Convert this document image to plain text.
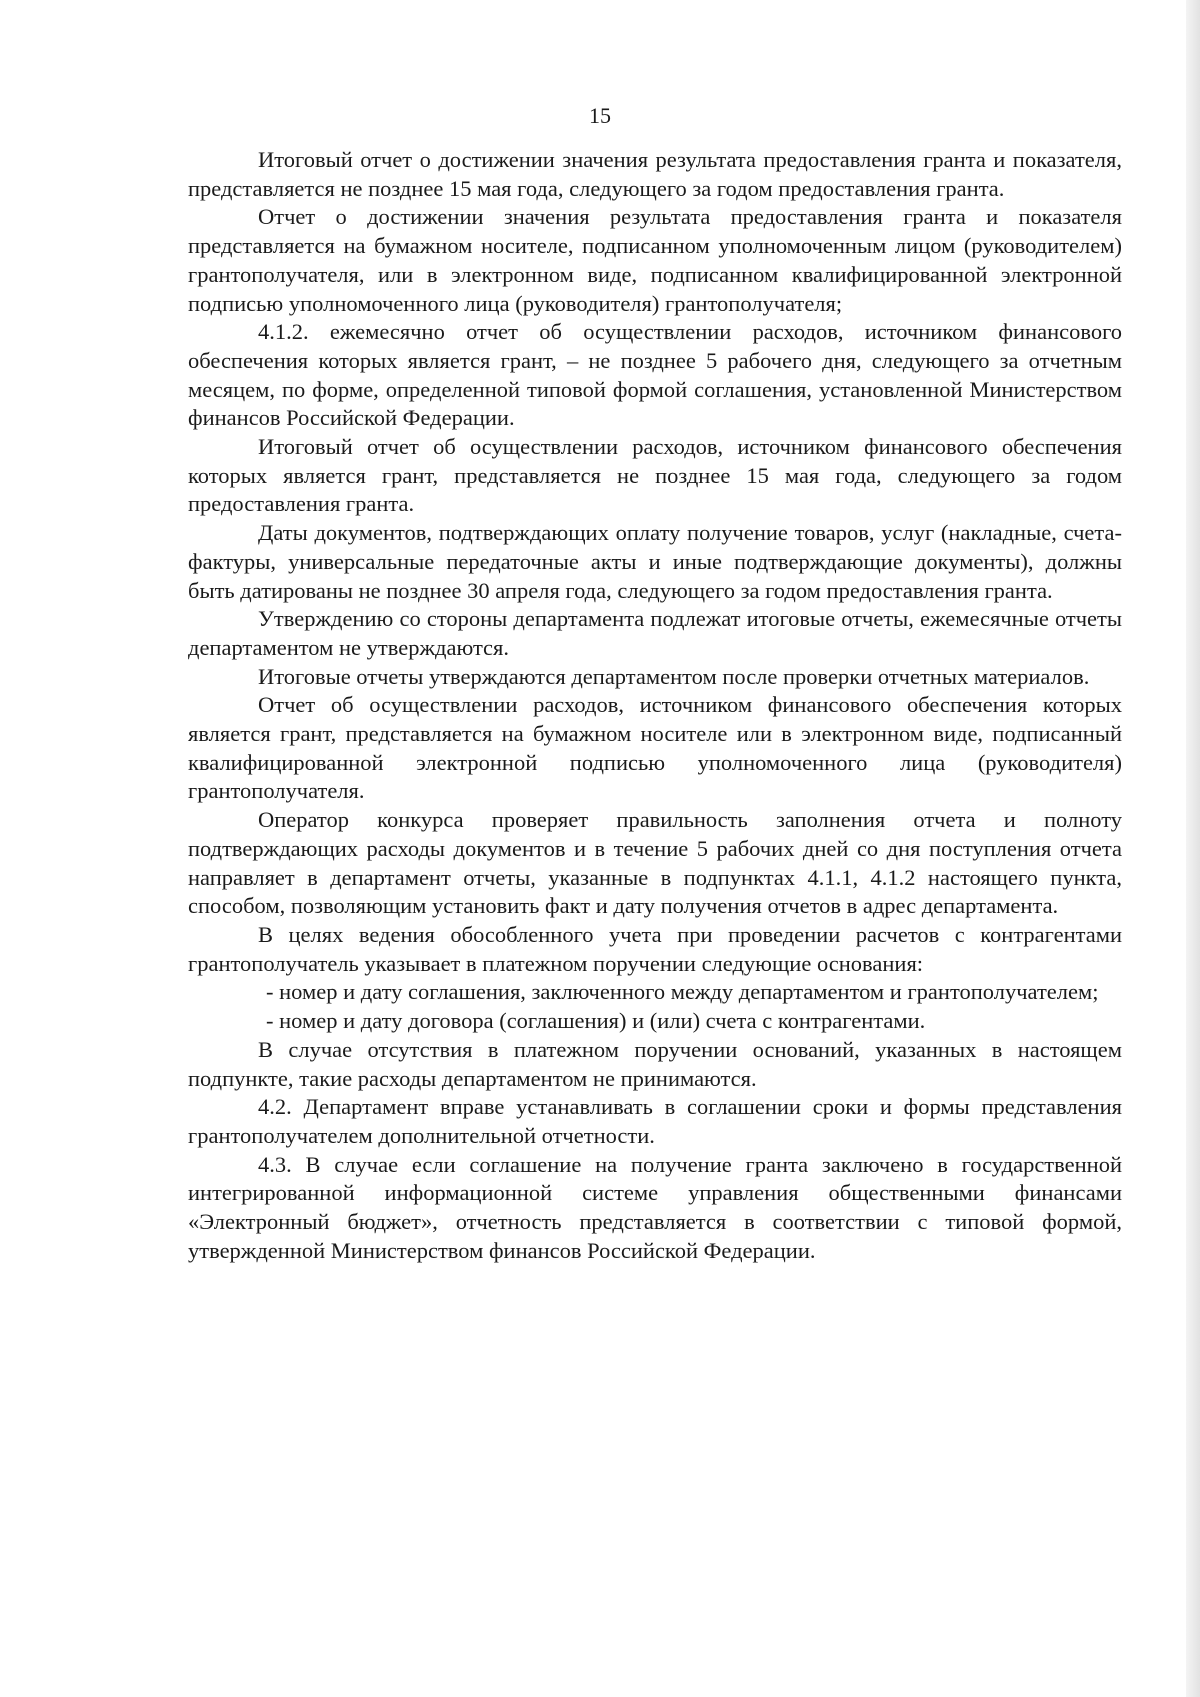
15

Итоговый отчет о достижении значения результата предоставления гранта и показателя, представляется не позднее 15 мая года, следующего за годом предоставления гранта.

Отчет о достижении значения результата предоставления гранта и показателя представляется на бумажном носителе, подписанном уполномоченным лицом (руководителем) грантополучателя, или в электронном виде, подписанном квалифицированной электронной подписью уполномоченного лица (руководителя) грантополучателя;

4.1.2. ежемесячно отчет об осуществлении расходов, источником финансового обеспечения которых является грант, – не позднее 5 рабочего дня, следующего за отчетным месяцем, по форме, определенной типовой формой соглашения, установленной Министерством финансов Российской Федерации.

Итоговый отчет об осуществлении расходов, источником финансового обеспечения которых является грант, представляется не позднее 15 мая года, следующего за годом предоставления гранта.

Даты документов, подтверждающих оплату получение товаров, услуг (накладные, счета-фактуры, универсальные передаточные акты и иные подтверждающие документы), должны быть датированы не позднее 30 апреля года, следующего за годом предоставления гранта.

Утверждению со стороны департамента подлежат итоговые отчеты, ежемесячные отчеты департаментом не утверждаются.

Итоговые отчеты утверждаются департаментом после проверки отчетных материалов.

Отчет об осуществлении расходов, источником финансового обеспечения которых является грант, представляется на бумажном носителе или в электронном виде, подписанный квалифицированной электронной подписью уполномоченного лица (руководителя) грантополучателя.

Оператор конкурса проверяет правильность заполнения отчета и полноту подтверждающих расходы документов и в течение 5 рабочих дней со дня поступления отчета направляет в департамент отчеты, указанные в подпунктах 4.1.1, 4.1.2 настоящего пункта, способом, позволяющим установить факт и дату получения отчетов в адрес департамента.

В целях ведения обособленного учета при проведении расчетов с контрагентами грантополучатель указывает в платежном поручении следующие основания:

- номер и дату соглашения, заключенного между департаментом и грантополучателем;

- номер и дату договора (соглашения) и (или) счета с контрагентами.

В случае отсутствия в платежном поручении оснований, указанных в настоящем подпункте, такие расходы департаментом не принимаются.

4.2. Департамент вправе устанавливать в соглашении сроки и формы представления грантополучателем дополнительной отчетности.

4.3. В случае если соглашение на получение гранта заключено в государственной интегрированной информационной системе управления общественными финансами «Электронный бюджет», отчетность представляется в соответствии с типовой формой, утвержденной Министерством финансов Российской Федерации.
